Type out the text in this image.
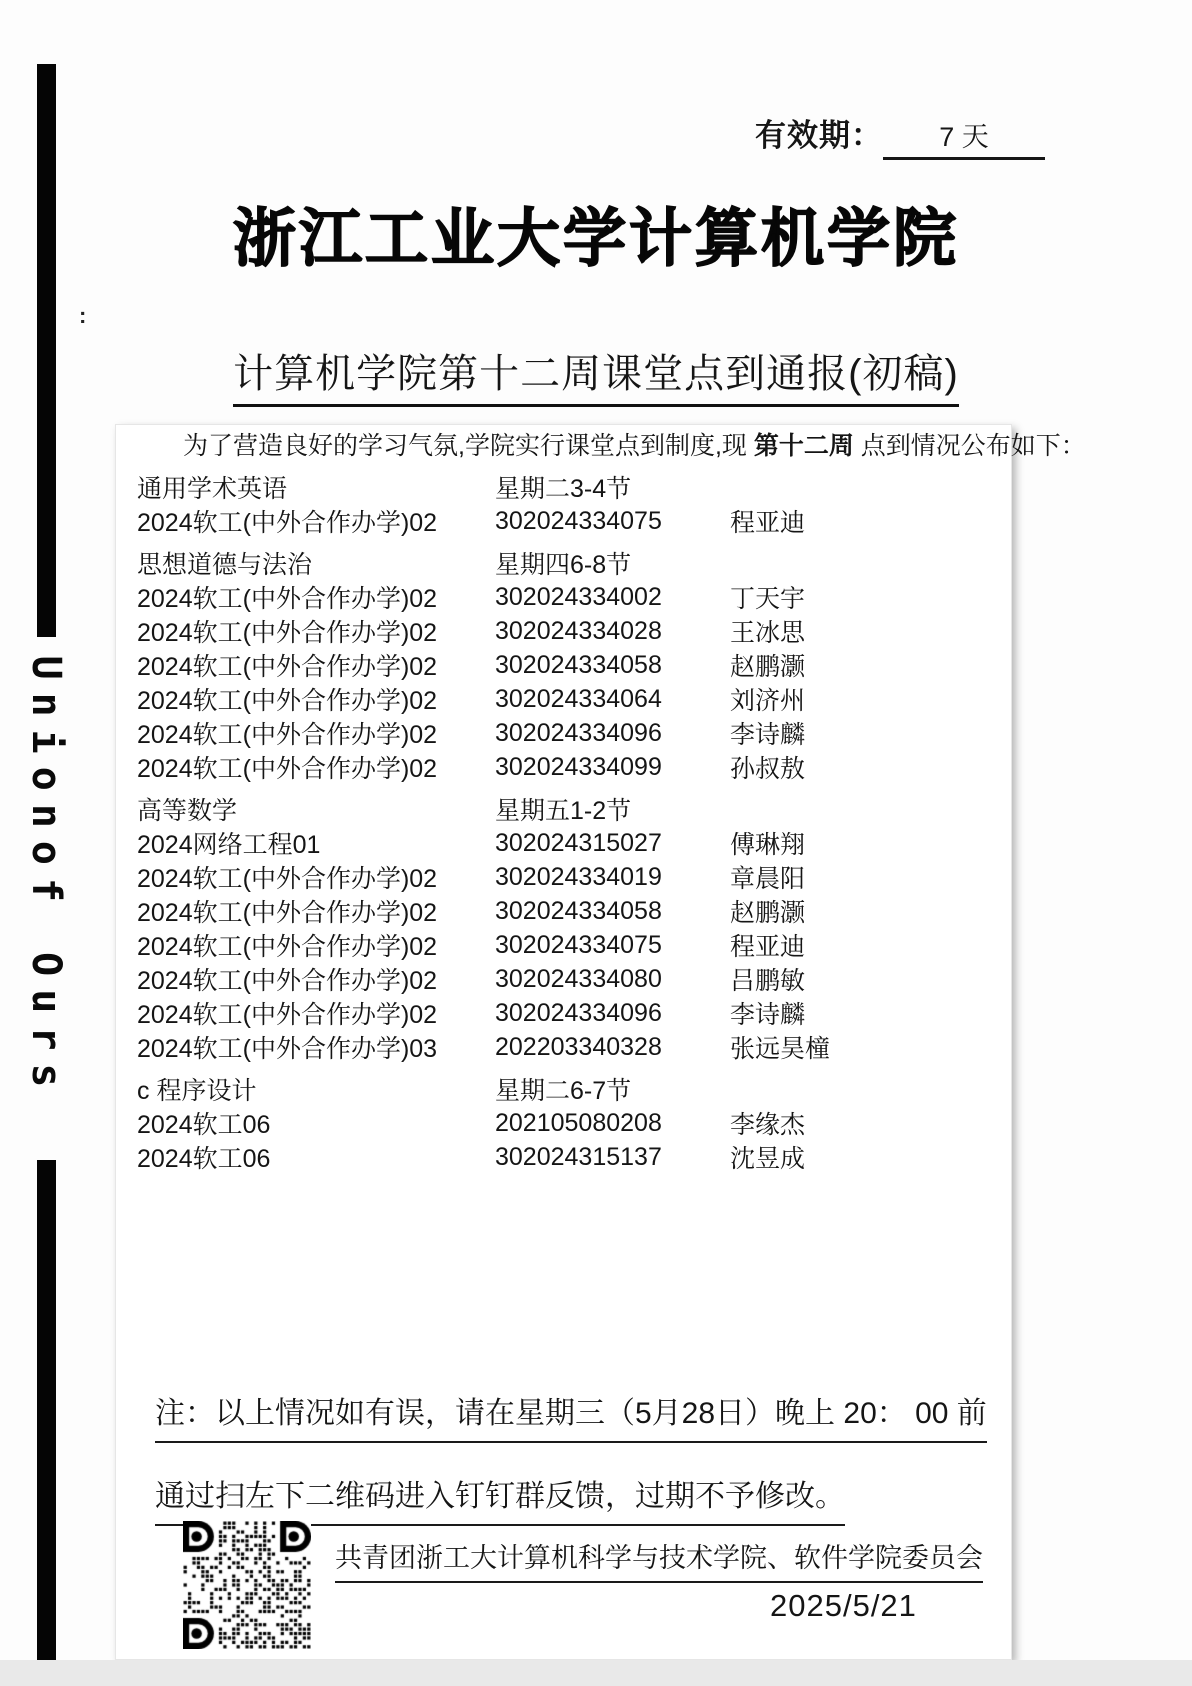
Unionof Ours
:
有效期： 7 天
浙江工业大学计算机学院
计算机学院第十二周课堂点到通报(初稿)
为了营造良好的学习气氛,学院实行课堂点到制度,现 第十二周 点到情况公布如下：
通用学术英语	星期二3-4节
2024软工(中外合作办学)02	302024334075	程亚迪
思想道德与法治	星期四6-8节
2024软工(中外合作办学)02	302024334002	丁天宇
2024软工(中外合作办学)02	302024334028	王冰思
2024软工(中外合作办学)02	302024334058	赵鹏灏
2024软工(中外合作办学)02	302024334064	刘济州
2024软工(中外合作办学)02	302024334096	李诗麟
2024软工(中外合作办学)02	302024334099	孙叔敖
高等数学	星期五1-2节
2024网络工程01	302024315027	傅琳翔
2024软工(中外合作办学)02	302024334019	章晨阳
2024软工(中外合作办学)02	302024334058	赵鹏灏
2024软工(中外合作办学)02	302024334075	程亚迪
2024软工(中外合作办学)02	302024334080	吕鹏敏
2024软工(中外合作办学)02	302024334096	李诗麟
2024软工(中外合作办学)03	202203340328	张远昊橦
c 程序设计	星期二6-7节
2024软工06	202105080208	李缘杰
2024软工06	302024315137	沈昱成
注：以上情况如有误，请在星期三（5月28日）晚上 20： 00 前
通过扫左下二维码进入钉钉群反馈，过期不予修改。
共青团浙工大计算机科学与技术学院、软件学院委员会
2025/5/21
